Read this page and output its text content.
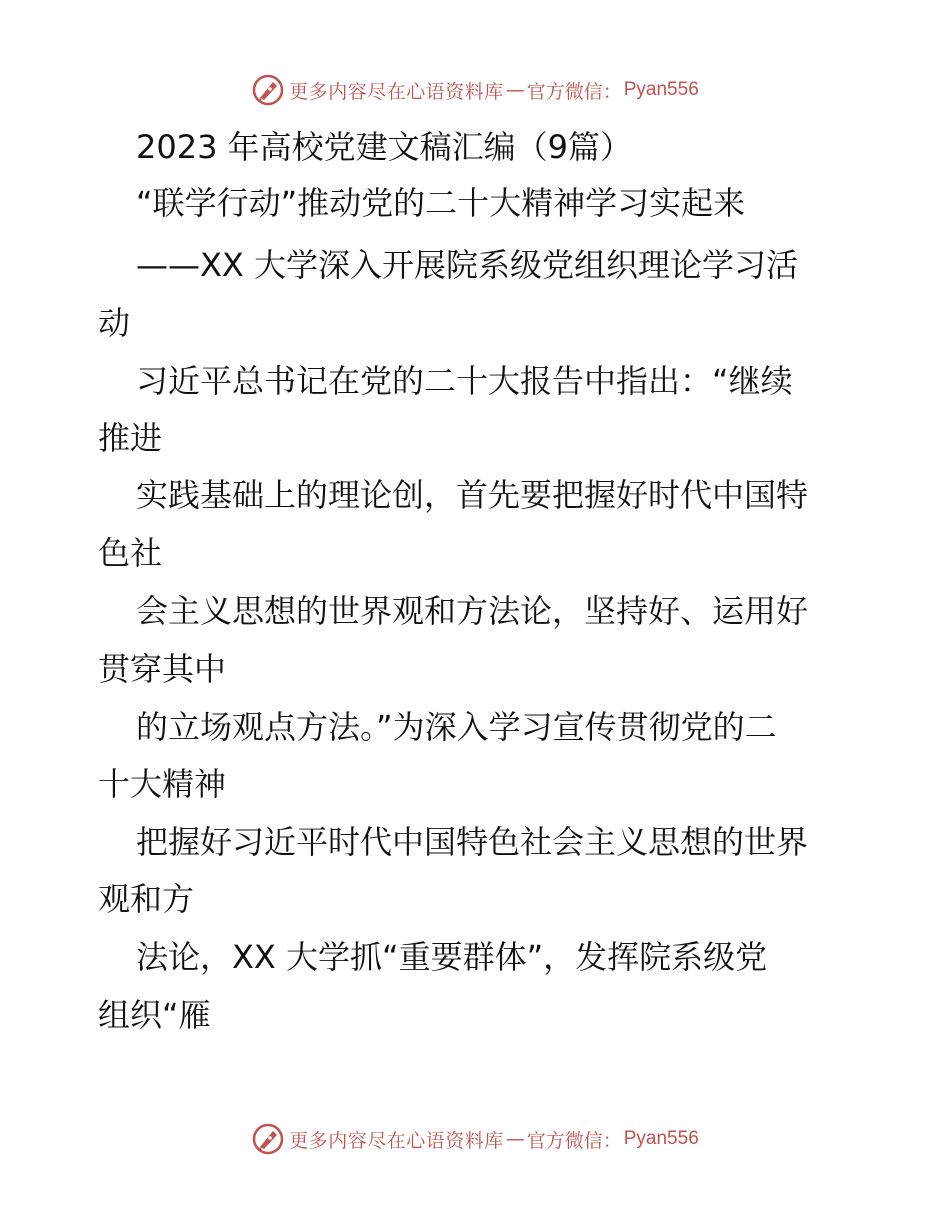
更多内容尽在心语资料库 — 官方微信： Pyan556
2023 年高校党建文稿汇编（9篇）
“联学行动”推动党的二十大精神学习实起来
——XX 大学深入开展院系级党组织理论学习活
动
习近平总书记在党的二十大报告中指出：“继续
推进
实践基础上的理论创，首先要把握好时代中国特
色社
会主义思想的世界观和方法论，坚持好、运用好
贯穿其中
的立场观点方法。”为深入学习宣传贯彻党的二
十大精神
把握好习近平时代中国特色社会主义思想的世界
观和方
法论，XX 大学抓“重要群体”，发挥院系级党
组织“雁
更多内容尽在心语资料库 — 官方微信： Pyan556
